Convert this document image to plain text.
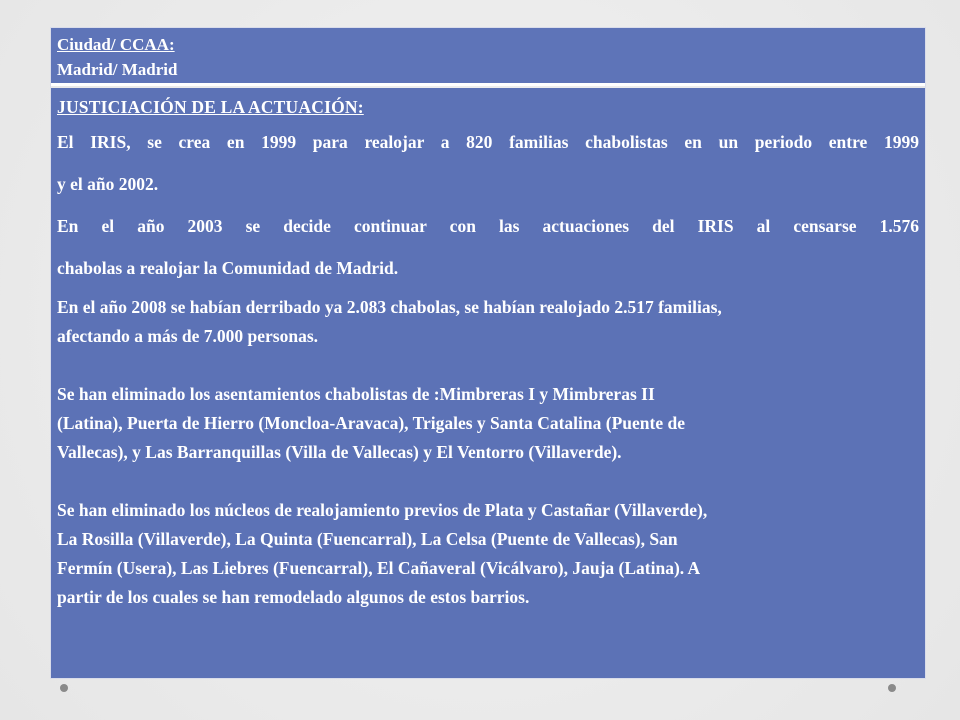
Ciudad/ CCAA:
Madrid/ Madrid
JUSTICIACIÓN DE LA ACTUACIÓN:
El IRIS, se crea en 1999 para realojar a 820 familias chabolistas en un periodo entre 1999
y el año 2002.
En el año 2003 se decide continuar con las actuaciones del IRIS al censarse 1.576
chabolas a realojar la Comunidad de Madrid.
En el año 2008 se habían derribado ya 2.083 chabolas, se habían realojado 2.517 familias,
afectando a más de 7.000 personas.
Se han eliminado los asentamientos chabolistas de :Mimbreras I y Mimbreras II
(Latina), Puerta de Hierro (Moncloa-Aravaca), Trigales y Santa Catalina (Puente de
Vallecas), y Las Barranquillas (Villa de Vallecas) y El Ventorro (Villaverde).
Se han eliminado los núcleos de realojamiento previos de Plata y Castañar (Villaverde),
La Rosilla (Villaverde), La Quinta (Fuencarral), La Celsa (Puente de Vallecas), San
Fermín (Usera), Las Liebres (Fuencarral), El Cañaveral (Vicálvaro), Jauja (Latina). A
partir de los cuales se han remodelado algunos de estos barrios.
